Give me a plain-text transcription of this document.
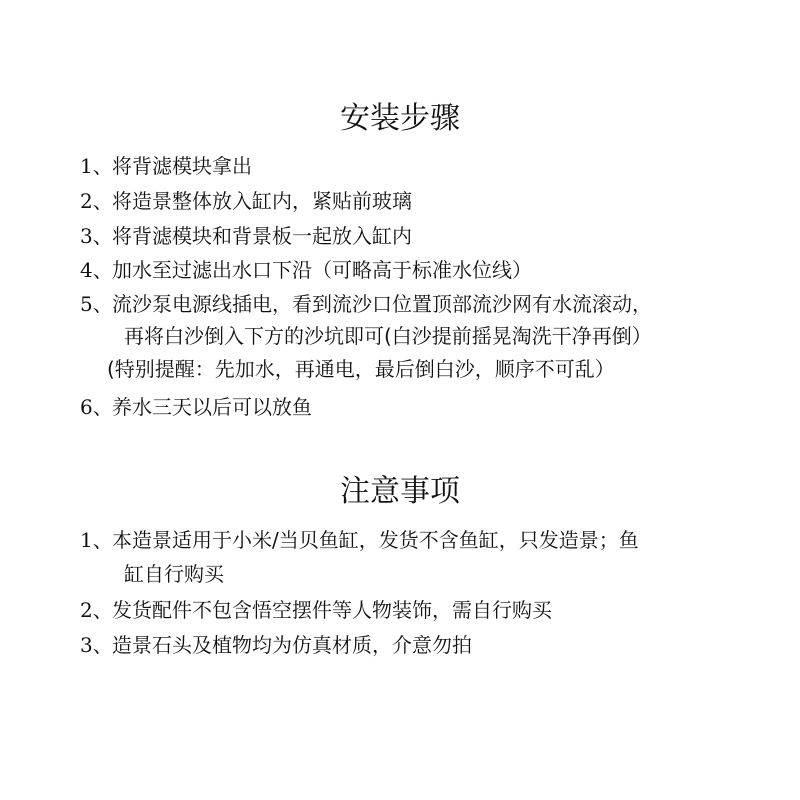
安装步骤
1、 将背滤模块拿出
2、 将造景整体放入缸内，紧贴前玻璃
3、 将背滤模块和背景板一起放入缸内
4、 加水至过滤出水口下沿（可略高于标准水位线）
5、 流沙泵电源线插电，看到流沙口位置顶部流沙网有水流滚动，
再将白沙倒入下方的沙坑即可(白沙提前摇晃淘洗干净再倒）
(特别提醒：先加水，再通电，最后倒白沙，顺序不可乱）
6、 养水三天以后可以放鱼
注意事项
1、 本造景适用于小米/当贝鱼缸，发货不含鱼缸，只发造景；鱼
缸自行购买
2、 发货配件不包含悟空摆件等人物装饰，需自行购买
3、 造景石头及植物均为仿真材质，介意勿拍
